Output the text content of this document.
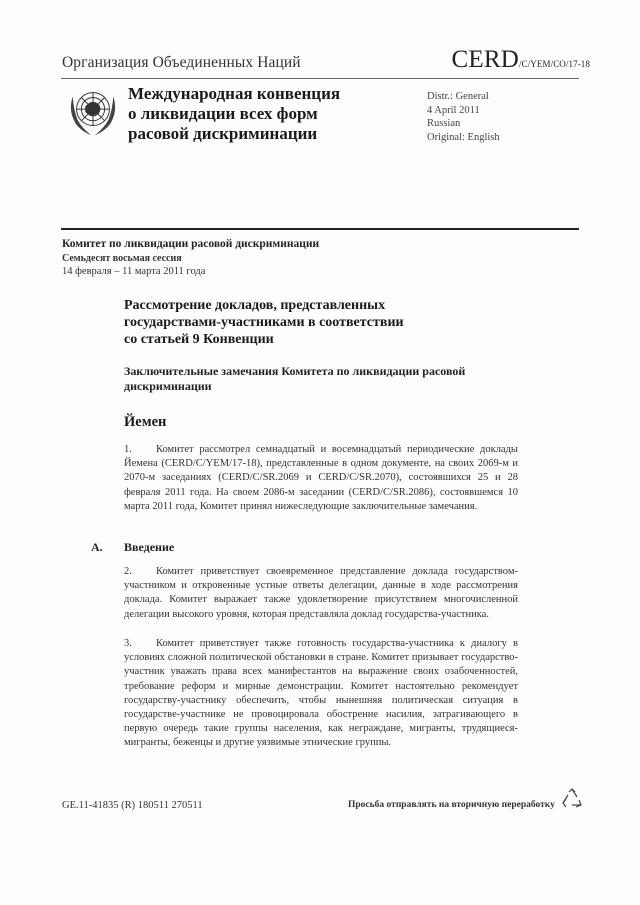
Организация Объединенных Наций	CERD/C/YEM/CO/17-18
Международная конвенция
о ликвидации всех форм
расовой дискриминации
Distr.: General
4 April 2011
Russian
Original: English
Комитет по ликвидации расовой дискриминации
Семьдесят восьмая сессия
14 февраля – 11 марта 2011 года
Рассмотрение докладов, представленных
государствами-участниками в соответствии
со статьей 9 Конвенции
Заключительные замечания Комитета по ликвидации расовой
дискриминации
Йемен
1. Комитет рассмотрел семнадцатый и восемнадцатый периодические доклады Йемена (CERD/C/YEM/17-18), представленные в одном документе, на своих 2069-м и 2070-м заседаниях (CERD/C/SR.2069 и CERD/C/SR.2070), состоявшихся 25 и 28 февраля 2011 года. На своем 2086-м заседании (CERD/C/SR.2086), состоявшемся 10 марта 2011 года, Комитет принял нижеследующие заключительные замечания.
A. Введение
2. Комитет приветствует своевременное представление доклада государством-участником и откровенные устные ответы делегации, данные в ходе рассмотрения доклада. Комитет выражает также удовлетворение присутствием многочисленной делегации высокого уровня, которая представляла доклад государства-участника.
3. Комитет приветствует также готовность государства-участника к диалогу в условиях сложной политической обстановки в стране. Комитет призывает государство-участник уважать права всех манифестантов на выражение своих озабоченностей, требование реформ и мирные демонстрации. Комитет настоятельно рекомендует государству-участнику обеспечить, чтобы нынешняя политическая ситуация в государстве-участнике не провоцировала обострение насилия, затрагивающего в первую очередь такие группы населения, как неграждане, мигранты, трудящиеся-мигранты, беженцы и другие уязвимые этнические группы.
GE.11-41835 (R) 180511 270511	Просьба отправлять на вторичную переработку
